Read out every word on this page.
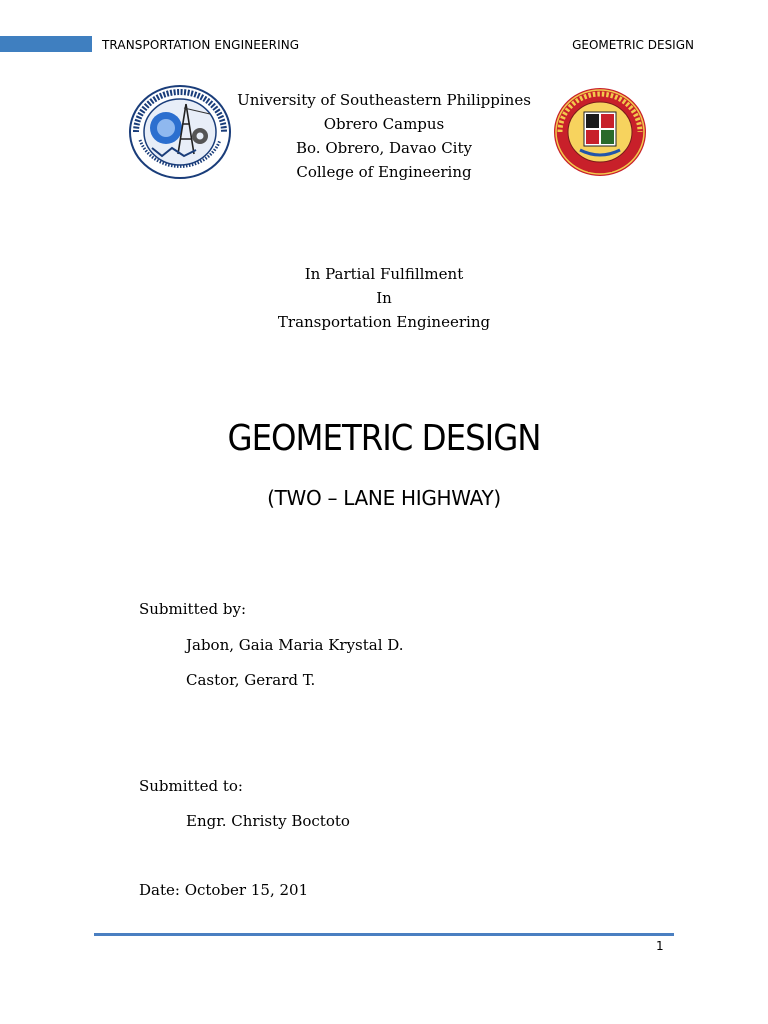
TRANSPORTATION ENGINEERING	GEOMETRIC DESIGN
University of Southeastern Philippines
Obrero Campus
Bo. Obrero, Davao City
College of Engineering
In Partial Fulfillment
In
Transportation Engineering
GEOMETRIC DESIGN
(TWO – LANE HIGHWAY)
Submitted by:
Jabon, Gaia Maria Krystal D.
Castor, Gerard T.
Submitted to:
Engr. Christy Boctoto
Date: October 15, 201
1
